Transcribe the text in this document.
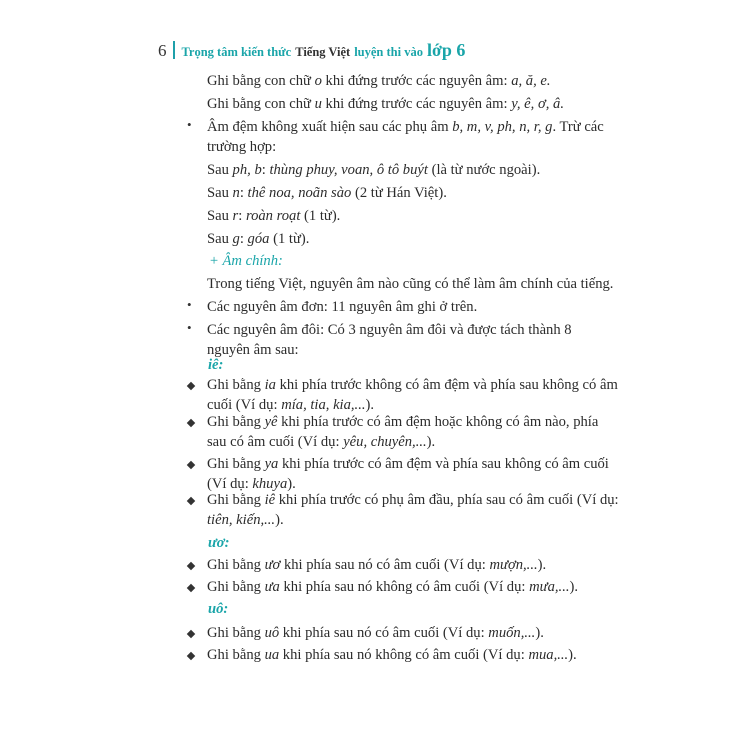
6 Trọng tâm kiến thức Tiếng Việt luyện thi vào lớp 6
Ghi bằng con chữ o khi đứng trước các nguyên âm: a, ă, e.
Ghi bằng con chữ u khi đứng trước các nguyên âm: y, ê, ơ, â.
• Âm đệm không xuất hiện sau các phụ âm b, m, v, ph, n, r, g. Trừ các
trường hợp:
Sau ph, b: thùng phuy, voan, ô tô buýt (là từ nước ngoài).
Sau n: thê noa, noãn sào (2 từ Hán Việt).
Sau r: roàn roạt (1 từ).
Sau g: góa (1 từ).
+ Âm chính:
Trong tiếng Việt, nguyên âm nào cũng có thể làm âm chính của tiếng.
• Các nguyên âm đơn: 11 nguyên âm ghi ở trên.
• Các nguyên âm đôi: Có 3 nguyên âm đôi và được tách thành 8
nguyên âm sau:
iê:
Ghi bằng ia khi phía trước không có âm đệm và phía sau không có âm
cuối (Ví dụ: mía, tia, kia,...).
Ghi bằng yê khi phía trước có âm đệm hoặc không có âm nào, phía
sau có âm cuối (Ví dụ: yêu, chuyên,...).
Ghi bằng ya khi phía trước có âm đệm và phía sau không có âm cuối
(Ví dụ: khuya).
Ghi bằng iê khi phía trước có phụ âm đầu, phía sau có âm cuối (Ví dụ:
tiên, kiến,...).
ươ:
Ghi bằng ươ khi phía sau nó có âm cuối (Ví dụ: mượn,...).
Ghi bằng ưa khi phía sau nó không có âm cuối (Ví dụ: mưa,...).
uô:
Ghi bằng uô khi phía sau nó có âm cuối (Ví dụ: muốn,...).
Ghi bằng ua khi phía sau nó không có âm cuối (Ví dụ: mua,...).
